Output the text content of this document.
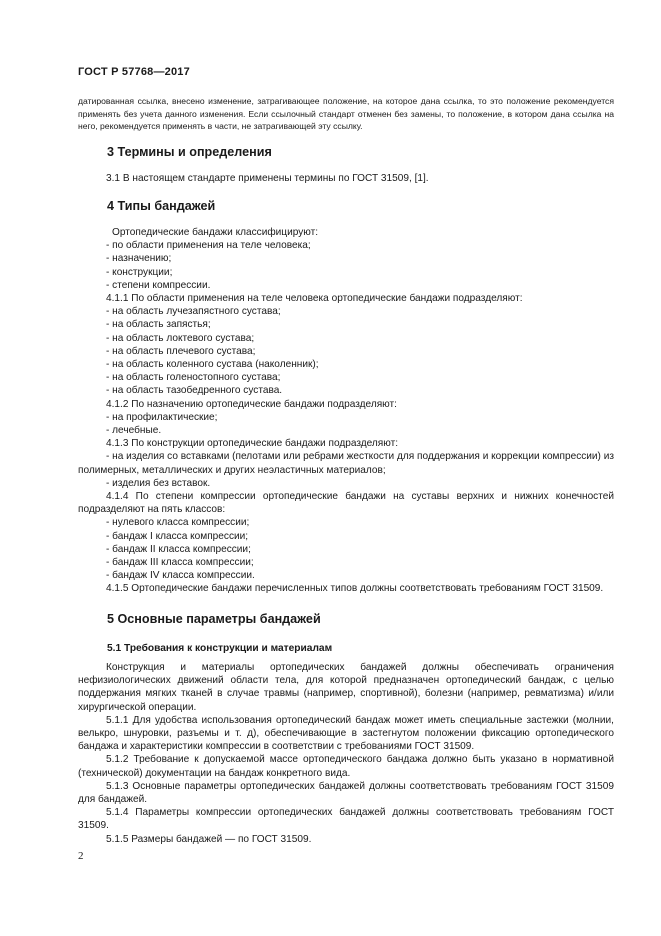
ГОСТ Р 57768—2017

датированная ссылка, внесено изменение, затрагивающее положение, на которое дана ссылка, то это положение рекомендуется применять без учета данного изменения. Если ссылочный стандарт отменен без замены, то положение, в котором дана ссылка на него, рекомендуется применять в части, не затрагивающей эту ссылку.

3 Термины и определения

3.1 В настоящем стандарте применены термины по ГОСТ 31509, [1].

4 Типы бандажей

Ортопедические бандажи классифицируют:

- по области применения на теле человека;

- назначению;

- конструкции;

- степени компрессии.

4.1.1 По области применения на теле человека ортопедические бандажи подразделяют:

- на область лучезапястного сустава;

- на область запястья;

- на область локтевого сустава;

- на область плечевого сустава;

- на область коленного сустава (наколенник);

- на область голеностопного сустава;

- на область тазобедренного сустава.

4.1.2 По назначению ортопедические бандажи подразделяют:

- на профилактические;

- лечебные.

4.1.3 По конструкции ортопедические бандажи подразделяют:

- на изделия со вставками (пелотами или ребрами жесткости для поддержания и коррекции компрессии) из полимерных, металлических и других неэластичных материалов;

- изделия без вставок.

4.1.4 По степени компрессии ортопедические бандажи на суставы верхних и нижних конечностей подразделяют на пять классов:

- нулевого класса компрессии;

- бандаж I класса компрессии;

- бандаж II класса компрессии;

- бандаж III класса компрессии;

- бандаж IV класса компрессии.

4.1.5 Ортопедические бандажи перечисленных типов должны соответствовать требованиям ГОСТ 31509.

5 Основные параметры бандажей
5.1 Требования к конструкции и материалам

Конструкция и материалы ортопедических бандажей должны обеспечивать ограничения нефизиологических движений области тела, для которой предназначен ортопедический бандаж, с целью поддержания мягких тканей в случае травмы (например, спортивной), болезни (например, ревматизма) и/или хирургической операции.

5.1.1 Для удобства использования ортопедический бандаж может иметь специальные застежки (молнии, велькро, шнуровки, разъемы и т. д), обеспечивающие в застегнутом положении фиксацию ортопедического бандажа и характеристики компрессии в соответствии с требованиями ГОСТ 31509.

5.1.2 Требование к допускаемой массе ортопедического бандажа должно быть указано в нормативной (технической) документации на бандаж конкретного вида.

5.1.3 Основные параметры ортопедических бандажей должны соответствовать требованиям ГОСТ 31509 для бандажей.

5.1.4 Параметры компрессии ортопедических бандажей должны соответствовать требованиям ГОСТ 31509.

5.1.5 Размеры бандажей — по ГОСТ 31509.

2
